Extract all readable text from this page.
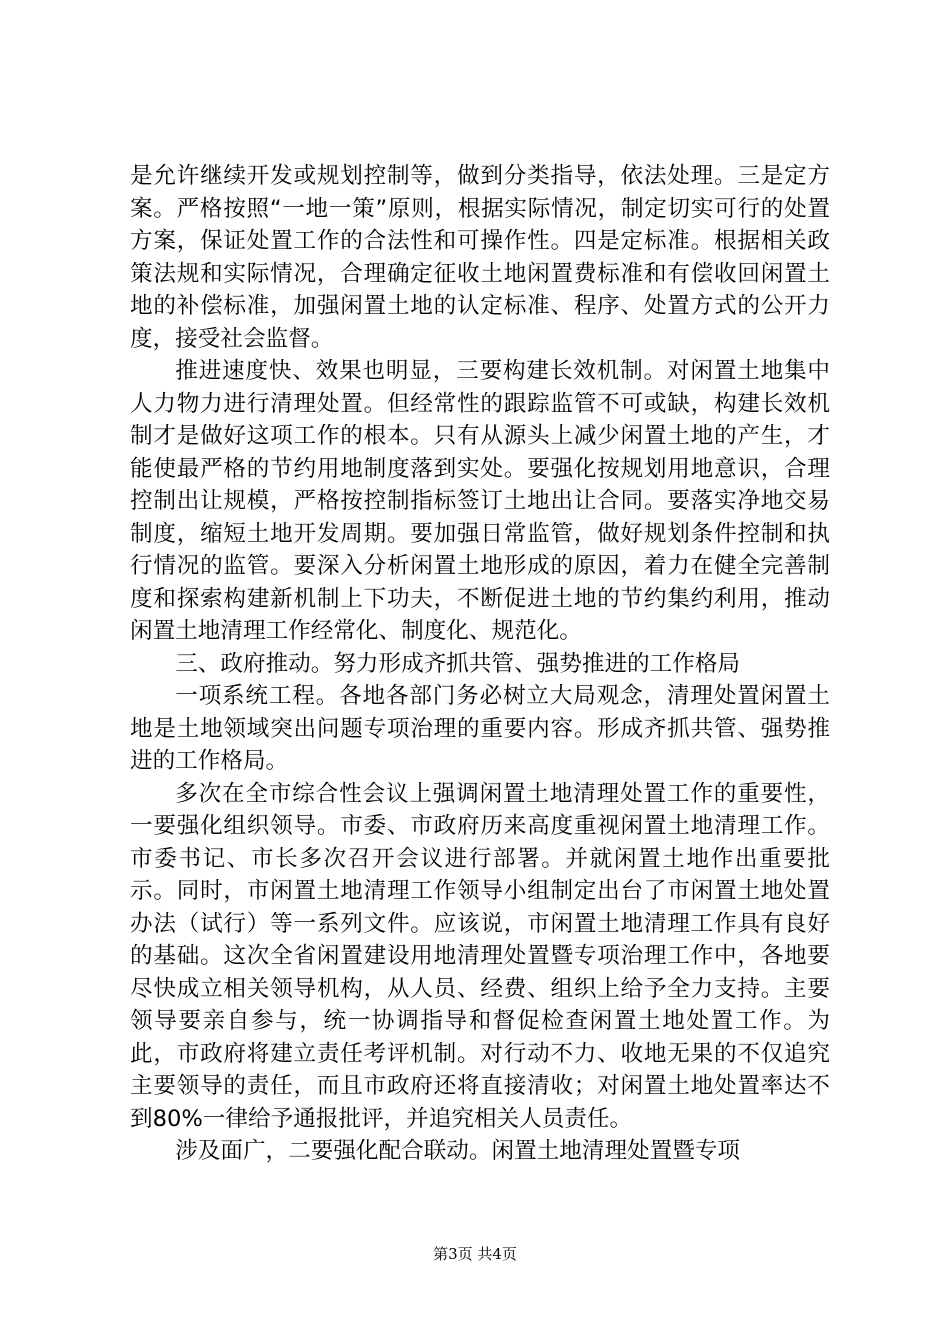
是允许继续开发或规划控制等，做到分类指导，依法处理。三是定方案。严格按照“一地一策”原则，根据实际情况，制定切实可行的处置方案，保证处置工作的合法性和可操作性。四是定标准。根据相关政策法规和实际情况，合理确定征收土地闲置费标准和有偿收回闲置土地的补偿标准，加强闲置土地的认定标准、程序、处置方式的公开力度，接受社会监督。

推进速度快、效果也明显，三要构建长效机制。对闲置土地集中人力物力进行清理处置。但经常性的跟踪监管不可或缺，构建长效机制才是做好这项工作的根本。只有从源头上减少闲置土地的产生，才能使最严格的节约用地制度落到实处。要强化按规划用地意识，合理控制出让规模，严格按控制指标签订土地出让合同。要落实净地交易制度，缩短土地开发周期。要加强日常监管，做好规划条件控制和执行情况的监管。要深入分析闲置土地形成的原因，着力在健全完善制度和探索构建新机制上下功夫，不断促进土地的节约集约利用，推动闲置土地清理工作经常化、制度化、规范化。

三、政府推动。努力形成齐抓共管、强势推进的工作格局

一项系统工程。各地各部门务必树立大局观念，清理处置闲置土地是土地领域突出问题专项治理的重要内容。形成齐抓共管、强势推进的工作格局。

多次在全市综合性会议上强调闲置土地清理处置工作的重要性，一要强化组织领导。市委、市政府历来高度重视闲置土地清理工作。市委书记、市长多次召开会议进行部署。并就闲置土地作出重要批示。同时，市闲置土地清理工作领导小组制定出台了市闲置土地处置办法（试行）等一系列文件。应该说，市闲置土地清理工作具有良好的基础。这次全省闲置建设用地清理处置暨专项治理工作中，各地要尽快成立相关领导机构，从人员、经费、组织上给予全力支持。主要领导要亲自参与，统一协调指导和督促检查闲置土地处置工作。为此，市政府将建立责任考评机制。对行动不力、收地无果的不仅追究主要领导的责任，而且市政府还将直接清收；对闲置土地处置率达不到80%一律给予通报批评，并追究相关人员责任。

涉及面广，二要强化配合联动。闲置土地清理处置暨专项

第3页 共4页
